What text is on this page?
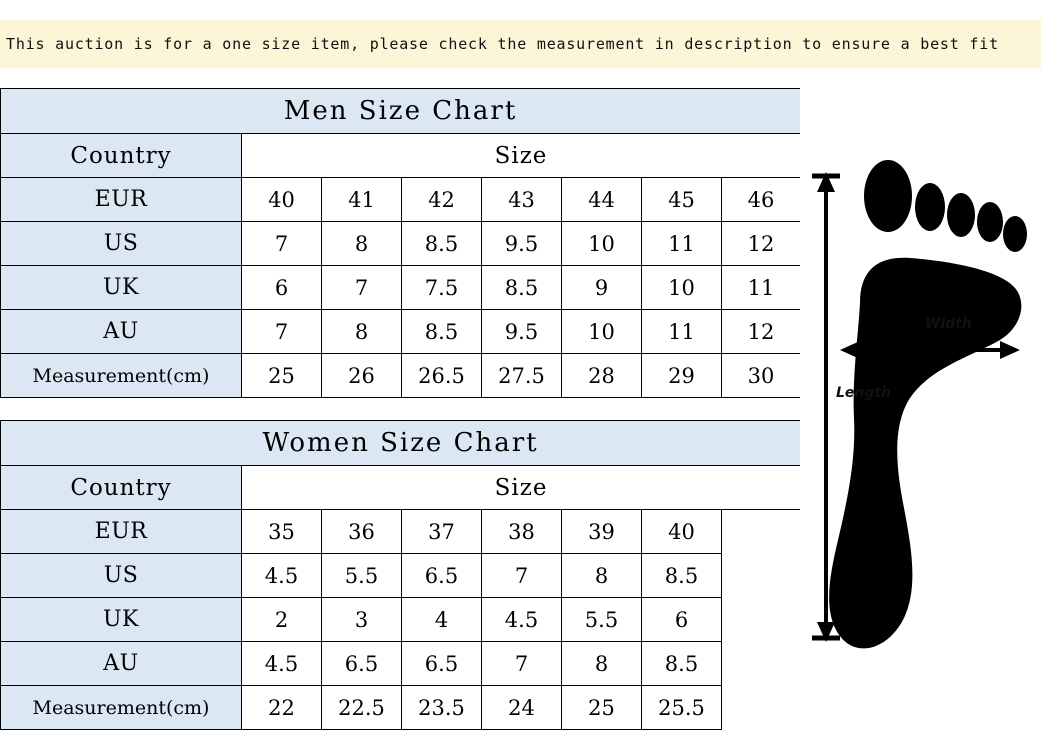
This auction is for a one size item, please check the measurement in description to ensure a best fit
Men Size Chart							
Country	Size						
EUR	40	41	42	43	44	45	46
US	7	8	8.5	9.5	10	11	12
UK	6	7	7.5	8.5	9	10	11
AU	7	8	8.5	9.5	10	11	12
Measurement(cm)	25	26	26.5	27.5	28	29	30
Women Size Chart							
Country	Size						
EUR	35	36	37	38	39	40	
US	4.5	5.5	6.5	7	8	8.5	
UK	2	3	4	4.5	5.5	6	
AU	4.5	6.5	6.5	7	8	8.5	
Measurement(cm)	22	22.5	23.5	24	25	25.5	
Width
Length
